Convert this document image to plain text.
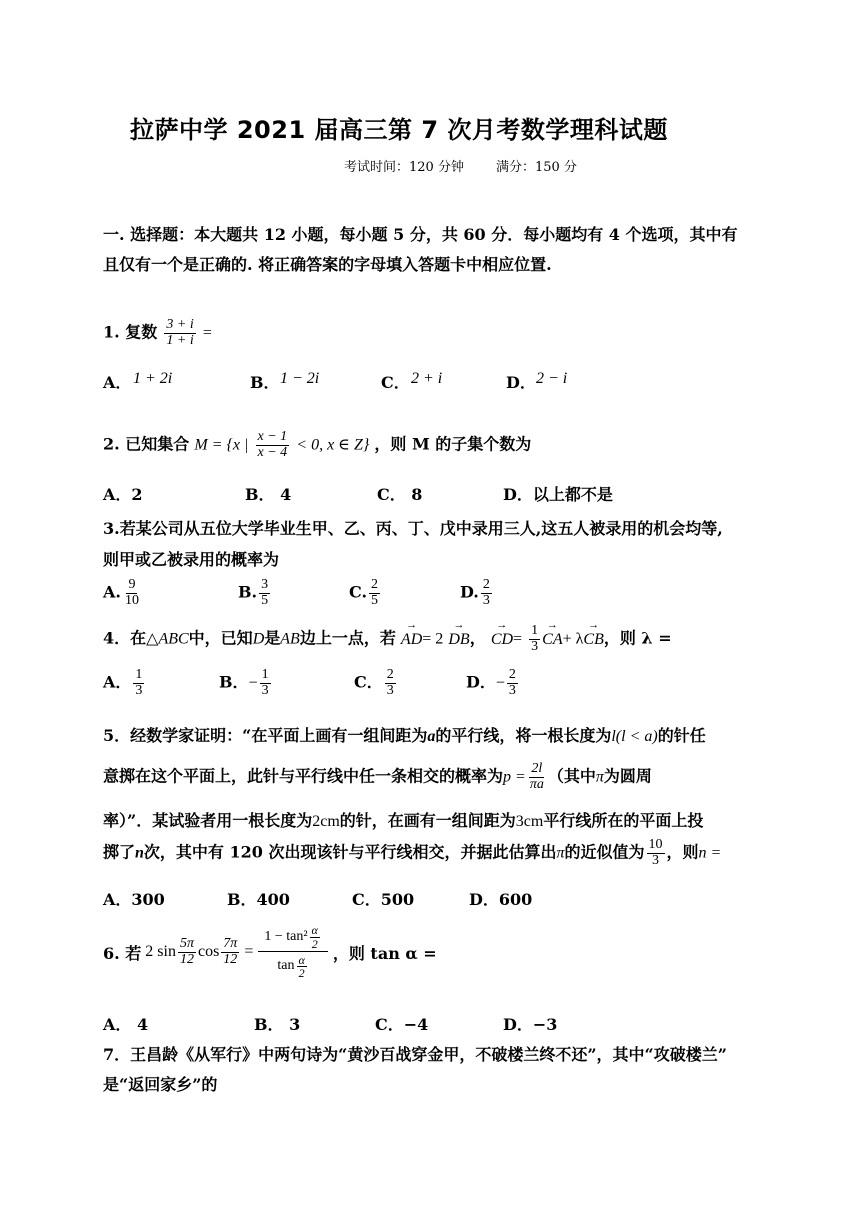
拉萨中学 2021 届高三第 7 次月考数学理科试题
考试时间：120 分钟 满分：150 分
一. 选择题：本大题共 12 小题，每小题 5 分，共 60 分．每小题均有 4 个选项，其中有
且仅有一个是正确的. 将正确答案的字母填入答题卡中相应位置.
1. 复数 $\frac{3 + i}{1 + i}$ =
A． 1 + 2i	B． 1 − 2i	C． 2 + i	D． 2 − i
2. 已知集合 M = {x | $\frac{x - 1}{x - 4} < 0$, x ∈ Z} ，则 M 的子集个数为
A．2	B． 4	C． 8	D．以上都不是
3.若某公司从五位大学毕业生甲、乙、丙、丁、戊中录用三人,这五人被录用的机会均等,
则甲或乙被录用的概率为
A. $\frac{9}{10}$	B. $\frac{3}{5}$	C. $\frac{2}{5}$	D. $\frac{2}{3}$
4．在△ABC中，已知D是AB边上一点，若 → AD= 2 → DB， → $CD= \frac{1}{3}$
→ CA+ λ→ CB，则 λ =
A． $\frac{1}{3}$	B．− $\frac{1}{3}$	C． $\frac{2}{3}$	D．− $\frac{2}{3}$
5．经数学家证明：“在平面上画有一组间距为a的平行线，将一根长度为l(l < a)的针任
意掷在这个平面上，此针与平行线中任一条相交的概率为$p = \frac{2l}{\pi a}$ （其中π为圆周
率）”．某试验者用一根长度为2cm的针，在画有一组间距为3cm平行线所在的平面上投
掷了n次，其中有 120 次出现该针与平行线相交，并据此估算出π的近似值为 $\frac{10}{3}$ ，则n =
A．300	B．400	C．500	D．600
6. 若 2 $\sin \frac{5\pi}{12}$ $\cos \frac{7\pi}{12} = \frac{1 - \tan^2 \frac{\alpha}{2}}{\tan \frac{\alpha}{2}}$ ，则 tan α =
A． 4	B． 3	C．−4	D．−3
7．王昌龄《从军行》中两句诗为“黄沙百战穿金甲，不破楼兰终不还”，其中“攻破楼兰”
是“返回家乡”的
